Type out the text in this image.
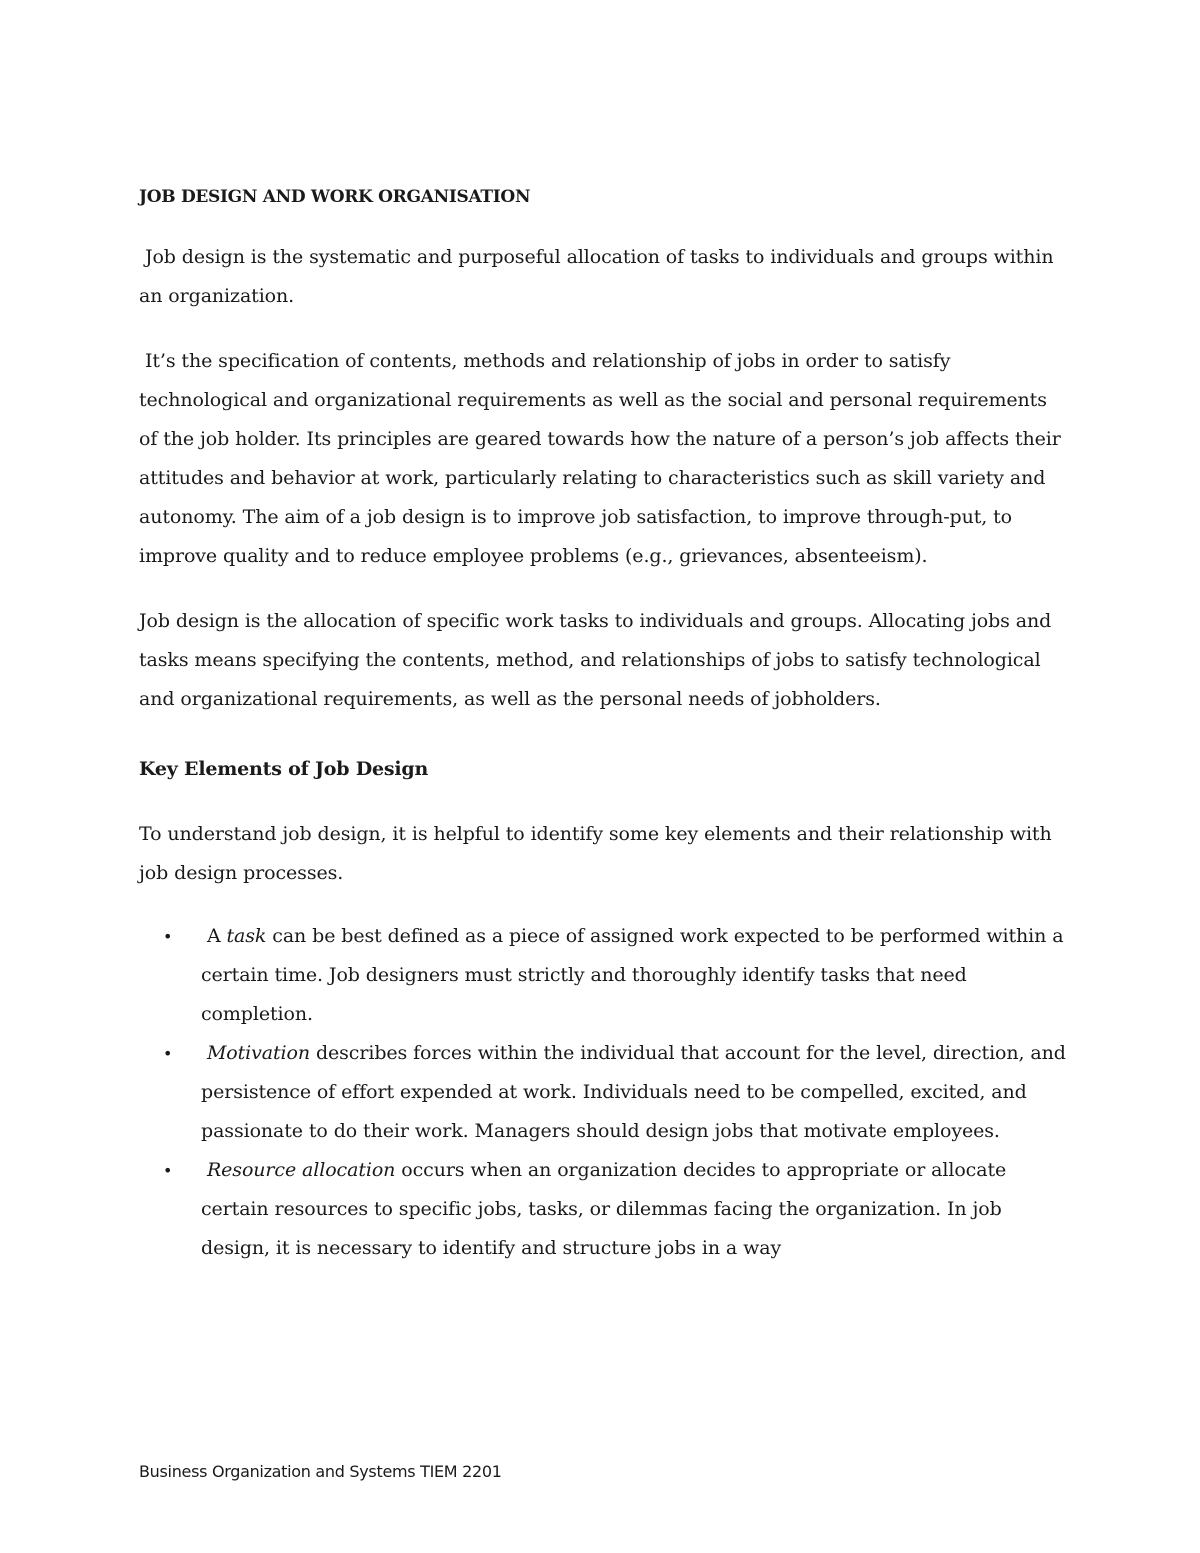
JOB DESIGN AND WORK ORGANISATION

Job design is the systematic and purposeful allocation of tasks to individuals and groups within an organization.

It’s the specification of contents, methods and relationship of jobs in order to satisfy technological and organizational requirements as well as the social and personal requirements of the job holder. Its principles are geared towards how the nature of a person’s job affects their attitudes and behavior at work, particularly relating to characteristics such as skill variety and autonomy. The aim of a job design is to improve job satisfaction, to improve through-put, to improve quality and to reduce employee problems (e.g., grievances, absenteeism).

Job design is the allocation of specific work tasks to individuals and groups. Allocating jobs and tasks means specifying the contents, method, and relationships of jobs to satisfy technological and organizational requirements, as well as the personal needs of jobholders.

Key Elements of Job Design

To understand job design, it is helpful to identify some key elements and their relationship with job design processes.

• A task can be best defined as a piece of assigned work expected to be performed within a certain time. Job designers must strictly and thoroughly identify tasks that need completion.
• Motivation describes forces within the individual that account for the level, direction, and persistence of effort expended at work. Individuals need to be compelled, excited, and passionate to do their work. Managers should design jobs that motivate employees.
• Resource allocation occurs when an organization decides to appropriate or allocate certain resources to specific jobs, tasks, or dilemmas facing the organization. In job design, it is necessary to identify and structure jobs in a way
Business Organization and Systems TIEM 2201
